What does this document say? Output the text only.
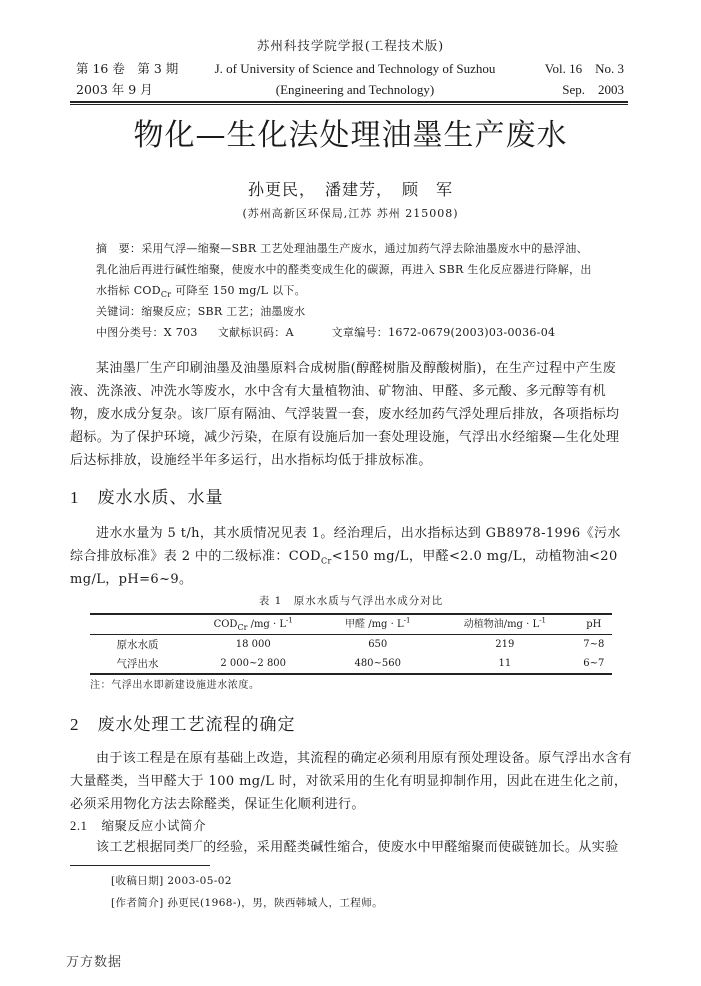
苏州科技学院学报(工程技术版)
第 16 卷　第 3 期	J. of University of Science and Technology of Suzhou	Vol. 16　No. 3
2003 年 9 月	(Engineering and Technology)	Sep.　2003
物化—生化法处理油墨生产废水
孙更民，　潘建芳，　顾　军
(苏州高新区环保局,江苏 苏州 215008)
摘　要：采用气浮—缩聚—SBR 工艺处理油墨生产废水，通过加药气浮去除油墨废水中的悬浮油、
乳化油后再进行碱性缩聚，使废水中的醛类变成生化的碳源，再进入 SBR 生化反应器进行降解，出
水指标 $COD_{Cr}$ 可降至 150 mg/L 以下。
关键词：缩聚反应；SBR 工艺；油墨废水
中图分类号：X 703 文献标识码：A	文章编号：1672-0679(2003)03-0036-04
某油墨厂生产印刷油墨及油墨原料合成树脂(醇醛树脂及醇酸树脂)，在生产过程中产生废液、洗涤液、冲洗水等废水，水中含有大量植物油、矿物油、甲醛、多元酸、多元醇等有机物，废水成分复杂。该厂原有隔油、气浮装置一套，废水经加药气浮处理后排放，各项指标均超标。为了保护环境，减少污染，在原有设施后加一套处理设施，气浮出水经缩聚—生化处理后达标排放，设施经半年多运行，出水指标均低于排放标准。
1 废水水质、水量
进水水量为 5 t/h，其水质情况见表 1。经治理后，出水指标达到 GB8978-1996《污水综合排放标准》表 2 中的二级标准：$COD_{Cr}<150$ mg/L，甲醛<2.0 mg/L，动植物油<20 mg/L，pH=6~9。
表 1　原水水质与气浮出水成分对比
	$COD_{Cr}$ $/mg \cdot L^{-1}$	甲醛 $/mg \cdot L^{-1}$	动植物油$/mg \cdot L^{-1}$	pH
原水水质	18 000	650	219	7~8
气浮出水	2 000~2 800	480~560	11	6~7
注：气浮出水即新建设施进水浓度。
2 废水处理工艺流程的确定
由于该工程是在原有基础上改造，其流程的确定必须利用原有预处理设备。原气浮出水含有大量醛类，当甲醛大于 100 mg/L 时，对欲采用的生化有明显抑制作用，因此在进生化之前，必须采用物化方法去除醛类，保证生化顺利进行。
2.1 缩聚反应小试简介
该工艺根据同类厂的经验，采用醛类碱性缩合，使废水中甲醛缩聚而使碳链加长。从实验
[收稿日期] 2003-05-02
[作者简介] 孙更民(1968-)，男，陕西韩城人，工程师。
万方数据
